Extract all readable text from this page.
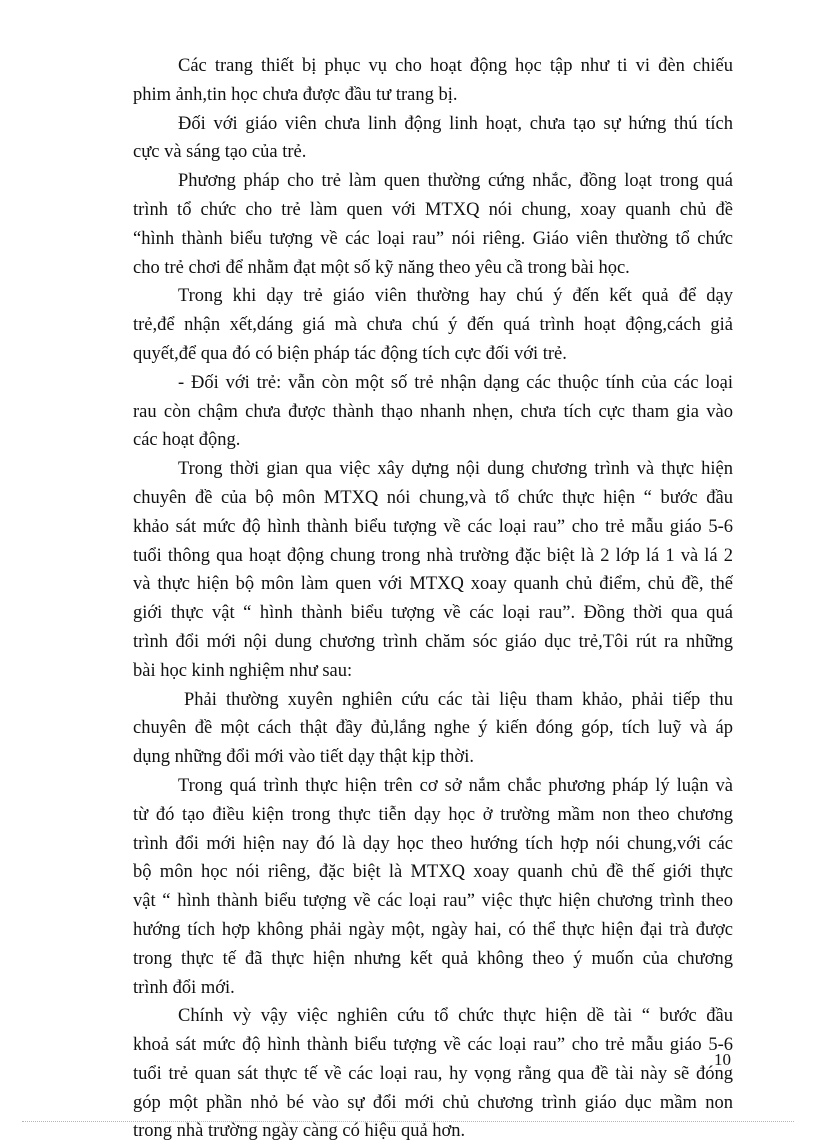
Các trang thiết bị phục vụ cho hoạt động học tập như ti vi đèn chiếu
phim ảnh,tin học chưa được đầu tư trang bị.
Đối với giáo viên chưa linh động linh hoạt, chưa tạo sự hứng thú tích
cực và sáng tạo của trẻ.
Phương pháp cho trẻ làm quen thường cứng nhắc, đồng loạt trong quá
trình tổ chức cho trẻ làm quen với MTXQ nói chung, xoay quanh chủ đề
“hình thành biểu tượng về các loại rau” nói riêng. Giáo viên thường tổ chức
cho trẻ chơi để nhằm đạt một số kỹ năng theo yêu cầ trong bài học.
Trong khi dạy trẻ giáo viên thường hay chú ý đến kết quả để dạy
trẻ,để nhận xết,dáng giá mà chưa chú ý đến quá trình hoạt động,cách giả
quyết,để qua đó có biện pháp tác động tích cực đối với trẻ.
- Đối với trẻ: vẫn còn một số trẻ nhận dạng các thuộc tính của các loại
rau còn chậm chưa được thành thạo nhanh nhẹn, chưa tích cực tham gia vào
các hoạt động.
Trong thời gian qua việc xây dựng nội dung chương trình và thực hiện
chuyên đề của bộ môn MTXQ nói chung,và tổ chức thực hiện “ bước đầu
khảo sát mức độ hình thành biểu tượng về các loại rau” cho trẻ mẫu giáo 5-6
tuổi thông qua hoạt động chung trong nhà trường đặc biệt là 2 lớp lá 1 và lá 2
và thực hiện bộ môn làm quen với MTXQ xoay quanh chủ điểm, chủ đề, thế
giới thực vật “ hình thành biểu tượng về các loại rau”. Đồng thời qua quá
trình đổi mới nội dung chương trình chăm sóc giáo dục trẻ,Tôi rút ra những
bài học kinh nghiệm như sau:
Phải thường xuyên nghiên cứu các tài liệu tham khảo, phải tiếp thu
chuyên đề một cách thật đầy đủ,lắng nghe ý kiến đóng góp, tích luỹ và áp
dụng những đổi mới vào tiết dạy thật kịp thời.
Trong quá trình thực hiện trên cơ sở nắm chắc phương pháp lý luận và
từ đó tạo điều kiện trong thực tiễn dạy học ở trường mầm non theo chương
trình đổi mới hiện nay đó là dạy học theo hướng tích hợp nói chung,với các
bộ môn học nói riêng, đặc biệt là MTXQ xoay quanh chủ đề thế giới thực
vật “ hình thành biểu tượng về các loại rau” việc thực hiện chương trình theo
hướng tích hợp không phải ngày một, ngày hai, có thể thực hiện đại trà được
trong thực tế đã thực hiện nhưng kết quả không theo ý muốn của chương
trình đổi mới.
Chính vỳ vậy việc nghiên cứu tổ chức thực hiện dề tài “ bước đầu
khoả sát mức độ hình thành biểu tượng về các loại rau” cho trẻ mẫu giáo 5-6
tuổi trẻ quan sát thực tế về các loại rau, hy vọng rằng qua đề tài này sẽ đóng
góp một phần nhỏ bé vào sự đổi mới chủ chương trình giáo dục mầm non
trong nhà trường ngày càng có hiệu quả hơn.
10
